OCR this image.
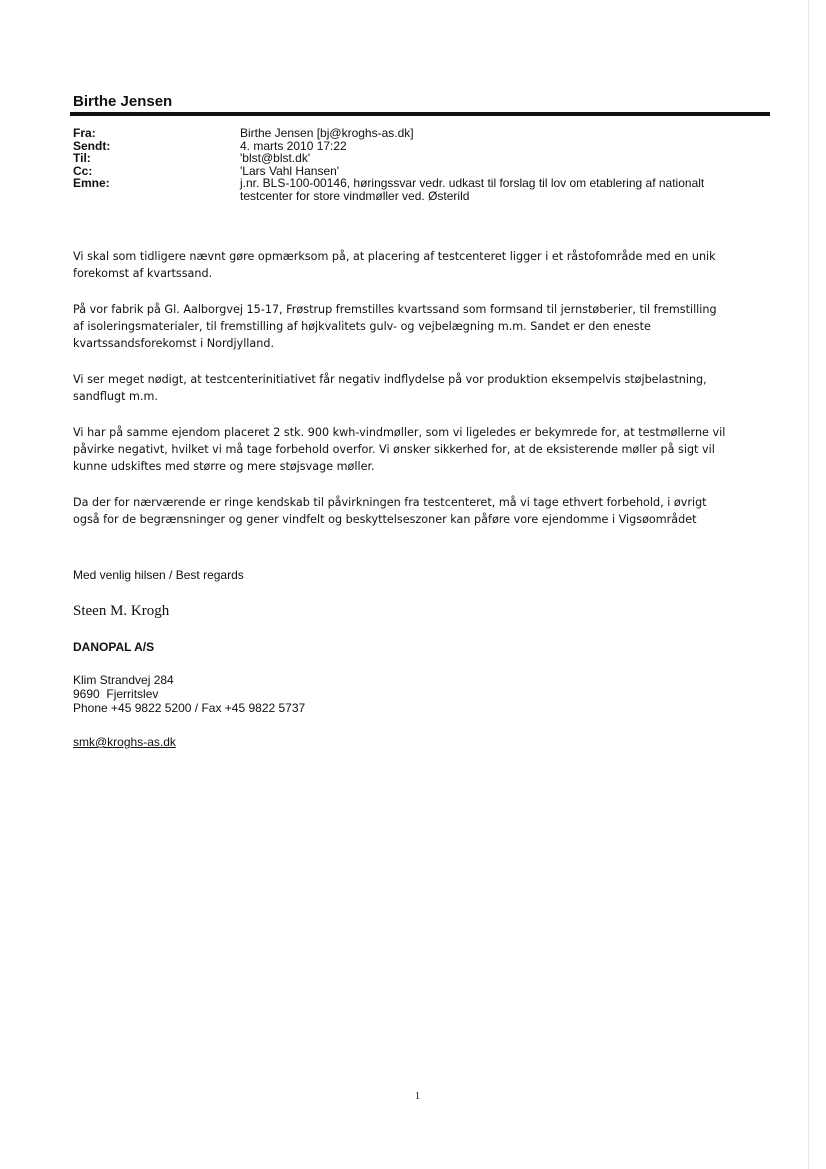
Birthe Jensen
Fra:	Birthe Jensen [bj@kroghs-as.dk]
Sendt:	4. marts 2010 17:22
Til:	'blst@blst.dk'
Cc:	'Lars Vahl Hansen'
Emne:	j.nr. BLS-100-00146, høringssvar vedr. udkast til forslag til lov om etablering af nationalt
testcenter for store vindmøller ved. Østerild

Vi skal som tidligere nævnt gøre opmærksom på, at placering af testcenteret ligger i et råstofområde med en unik
forekomst af kvartssand.

På vor fabrik på Gl. Aalborgvej 15-17, Frøstrup fremstilles kvartssand som formsand til jernstøberier, til fremstilling
af isoleringsmaterialer, til fremstilling af højkvalitets gulv- og vejbelægning m.m. Sandet er den eneste
kvartssandsforekomst i Nordjylland.

Vi ser meget nødigt, at testcenterinitiativet får negativ indflydelse på vor produktion eksempelvis støjbelastning,
sandflugt m.m.

Vi har på samme ejendom placeret 2 stk. 900 kwh-vindmøller, som vi ligeledes er bekymrede for, at testmøllerne vil
påvirke negativt, hvilket vi må tage forbehold overfor. Vi ønsker sikkerhed for, at de eksisterende møller på sigt vil
kunne udskiftes med større og mere støjsvage møller.

Da der for nærværende er ringe kendskab til påvirkningen fra testcenteret, må vi tage ethvert forbehold, i øvrigt
også for de begrænsninger og gener vindfelt og beskyttelseszoner kan påføre vore ejendomme i Vigsøområdet

Med venlig hilsen / Best regards
Steen M. Krogh
DANOPAL A/S
Klim Strandvej 284
9690  Fjerritslev
Phone +45 9822 5200 / Fax +45 9822 5737
smk@kroghs-as.dk
1
